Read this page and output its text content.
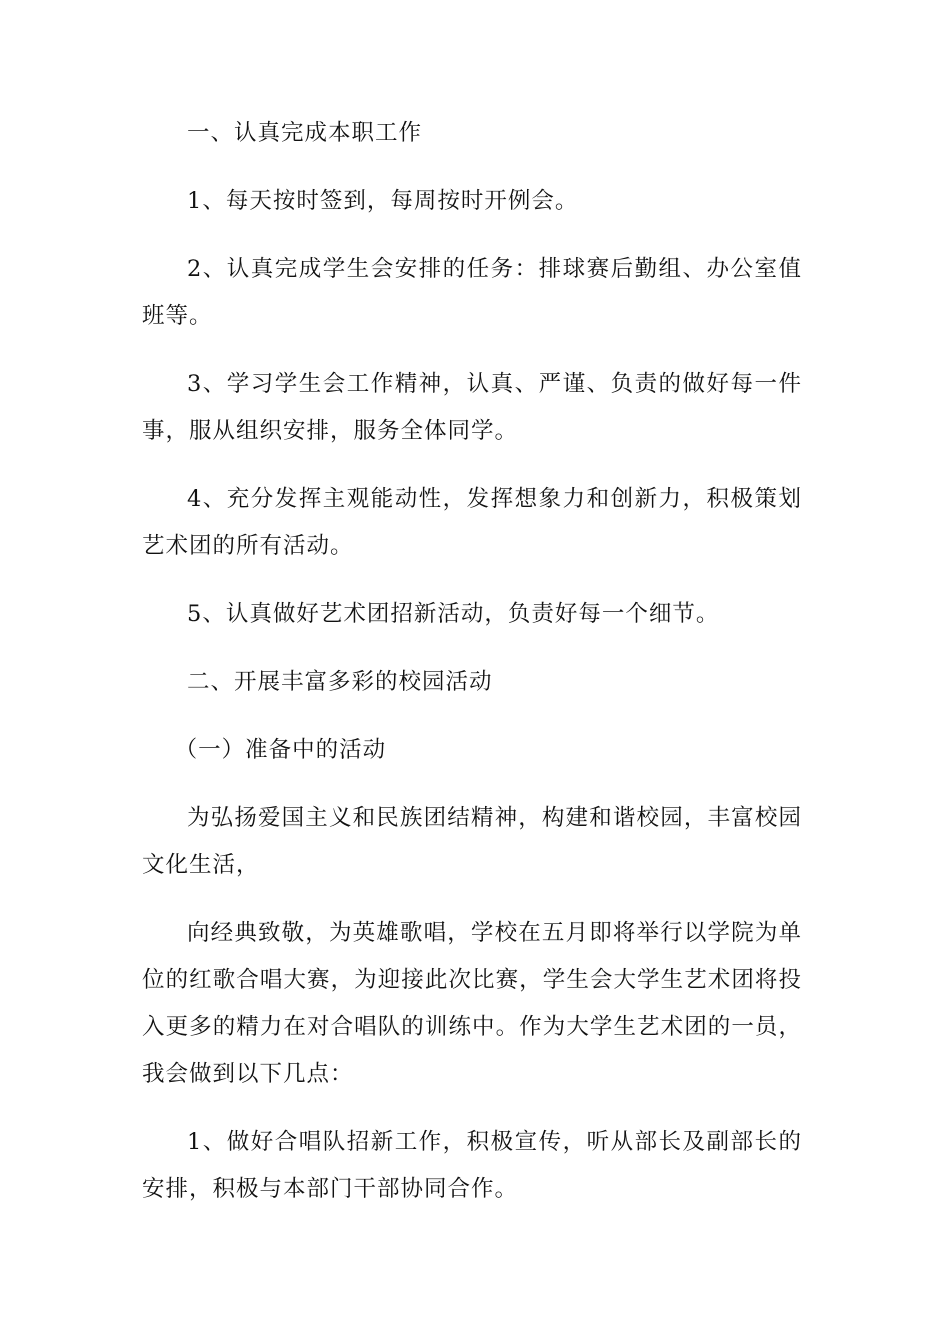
一、认真完成本职工作

1、每天按时签到，每周按时开例会。

2、认真完成学生会安排的任务：排球赛后勤组、办公室值班等。

3、学习学生会工作精神，认真、严谨、负责的做好每一件事，服从组织安排，服务全体同学。

4、充分发挥主观能动性，发挥想象力和创新力，积极策划艺术团的所有活动。

5、认真做好艺术团招新活动，负责好每一个细节。

二、开展丰富多彩的校园活动

（一）准备中的活动

为弘扬爱国主义和民族团结精神，构建和谐校园，丰富校园文化生活，

向经典致敬，为英雄歌唱，学校在五月即将举行以学院为单位的红歌合唱大赛，为迎接此次比赛，学生会大学生艺术团将投入更多的精力在对合唱队的训练中。作为大学生艺术团的一员，我会做到以下几点：

1、做好合唱队招新工作，积极宣传，听从部长及副部长的安排，积极与本部门干部协同合作。
